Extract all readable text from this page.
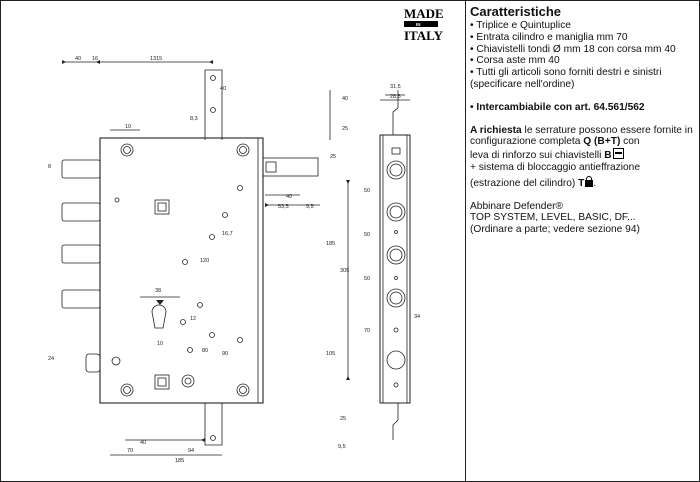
40 16	1315
40
10
8,3
31,5
28,5
40
25
25
8
40
53,5	9,5
16,7
120
185
305
50
50
50
70
34
38
12
10
80	90	105
24
40
70	94
185
25
9,5
MADE
IN
ITALY
Caratteristiche
• Triplice e Quintuplice
• Entrata cilindro e maniglia mm 70
• Chiavistelli tondi Ø mm 18 con corsa mm 40
• Corsa aste mm 40
• Tutti gli articoli sono forniti destri e sinistri
(specificare nell'ordine)

• Intercambiabile con art. 64.561/562

A richiesta le serrature possono essere fornite in configurazione completa Q (B+T) con

leva di rinforzo sui chiavistelli B

+ sistema di bloccaggio antieffrazione

(estrazione del cilindro) T .

Abbinare Defender®

TOP SYSTEM, LEVEL, BASIC, DF...

(Ordinare a parte; vedere sezione 94)
